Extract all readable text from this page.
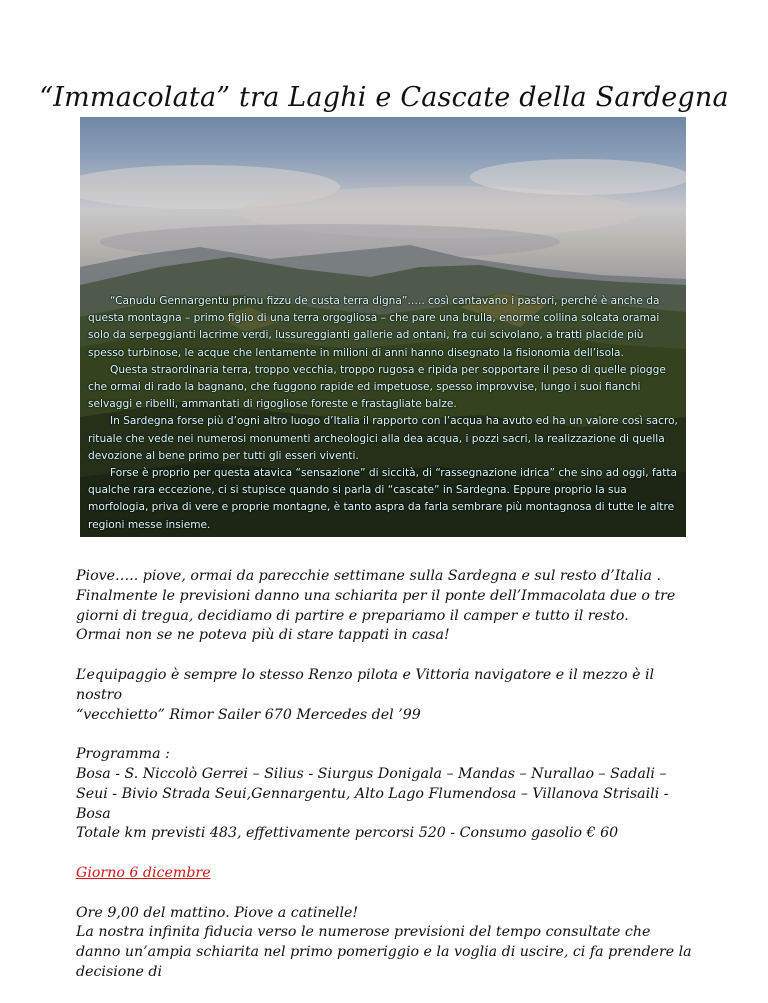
“Immacolata” tra Laghi e Cascate della Sardegna

“Canudu Gennargentu primu fizzu de custa terra digna”….. così cantavano i pastori, perché è anche da questa montagna – primo figlio di una terra orgogliosa – che pare una brulla, enorme collina solcata oramai solo da serpeggianti lacrime verdi, lussureggianti gallerie ad ontani, fra cui scivolano, a tratti placide più spesso turbinose, le acque che lentamente in milioni di anni hanno disegnato la fisionomia dell’isola.

Questa straordinaria terra, troppo vecchia, troppo rugosa e ripida per sopportare il peso di quelle piogge che ormai di rado la bagnano, che fuggono rapide ed impetuose, spesso improvvise, lungo i suoi fianchi selvaggi e ribelli, ammantati di rigogliose foreste e frastagliate balze.

In Sardegna forse più d’ogni altro luogo d’Italia il rapporto con l’acqua ha avuto ed ha un valore così sacro, rituale che vede nei numerosi monumenti archeologici alla dea acqua, i pozzi sacri, la realizzazione di quella devozione al bene primo per tutti gli esseri viventi.

Forse è proprio per questa atavica “sensazione” di siccità, di “rassegnazione idrica” che sino ad oggi, fatta qualche rara eccezione, ci si stupisce quando si parla di “cascate” in Sardegna. Eppure proprio la sua morfologia, priva di vere e proprie montagne, è tanto aspra da farla sembrare più montagnosa di tutte le altre regioni messe insieme.

Piove….. piove, ormai da parecchie settimane sulla Sardegna e sul resto d’Italia .
Finalmente le previsioni danno una schiarita per il ponte dell’Immacolata due o tre giorni di tregua, decidiamo di partire e prepariamo il camper e tutto il resto.
Ormai non se ne poteva più di stare tappati in casa!

L’equipaggio è sempre lo stesso Renzo pilota e Vittoria navigatore e il mezzo è il nostro
“vecchietto” Rimor Sailer 670 Mercedes del ’99

Programma :
Bosa - S. Niccolò Gerrei – Silius - Siurgus Donigala – Mandas – Nurallao – Sadali – Seui - Bivio Strada Seui,Gennargentu, Alto Lago Flumendosa – Villanova Strisaili - Bosa
Totale km previsti 483, effettivamente percorsi 520 - Consumo gasolio € 60

Giorno 6 dicembre

Ore 9,00 del mattino. Piove a catinelle!
La nostra infinita fiducia verso le numerose previsioni del tempo consultate che danno un’ampia schiarita nel primo pomeriggio e la voglia di uscire, ci fa prendere la decisione di
